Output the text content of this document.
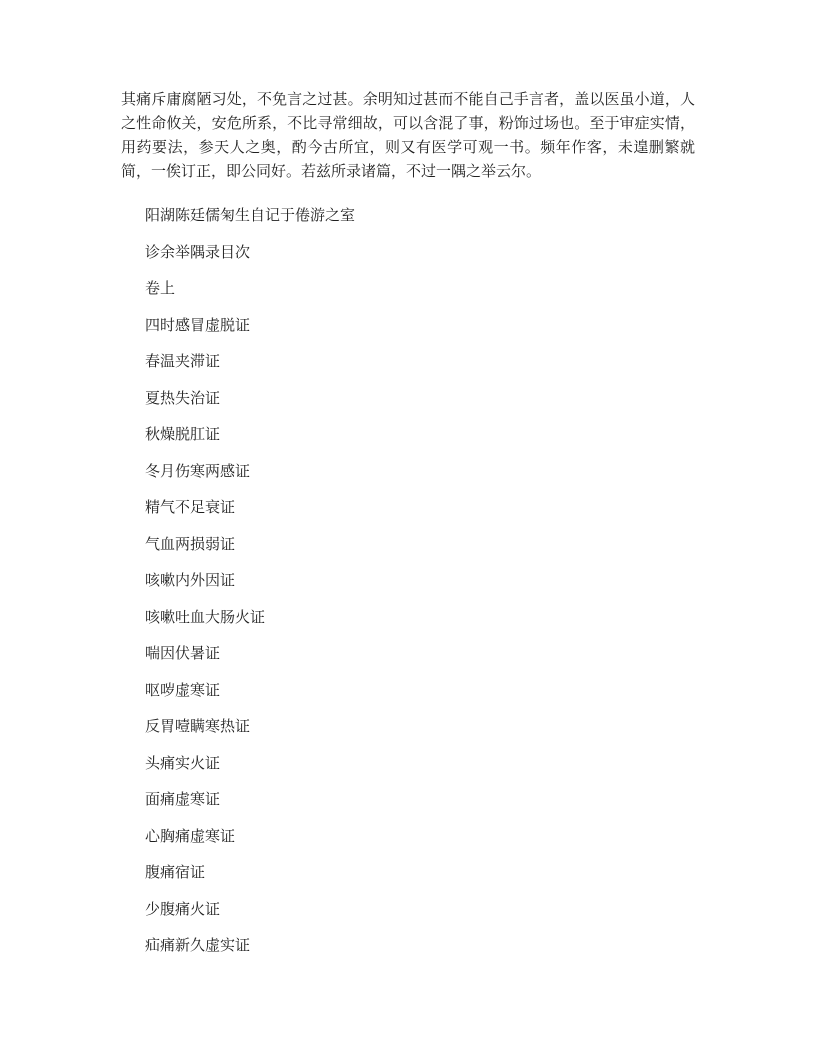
其痛斥庸腐陋习处，不免言之过甚。余明知过甚而不能自己手言者，盖以医虽小道，人之性命攸关，安危所系，不比寻常细故，可以含混了事，粉饰过场也。至于审症实情，用药要法，参天人之奥，酌今古所宜，则又有医学可观一书。频年作客，未遑删繁就简，一俟订正，即公同好。若兹所录诸篇，不过一隅之举云尔。

阳湖陈廷儒匊生自记于倦游之室
诊余举隅录目次
卷上
四时感冒虚脱证
春温夹滞证
夏热失治证
秋燥脱肛证
冬月伤寒两感证
精气不足衰证
气血两损弱证
咳嗽内外因证
咳嗽吐血大肠火证
喘因伏暑证
呕哕虚寒证
反胃噎瞒寒热证
头痛实火证
面痛虚寒证
心胸痛虚寒证
腹痛宿证
少腹痛火证
疝痛新久虚实证
